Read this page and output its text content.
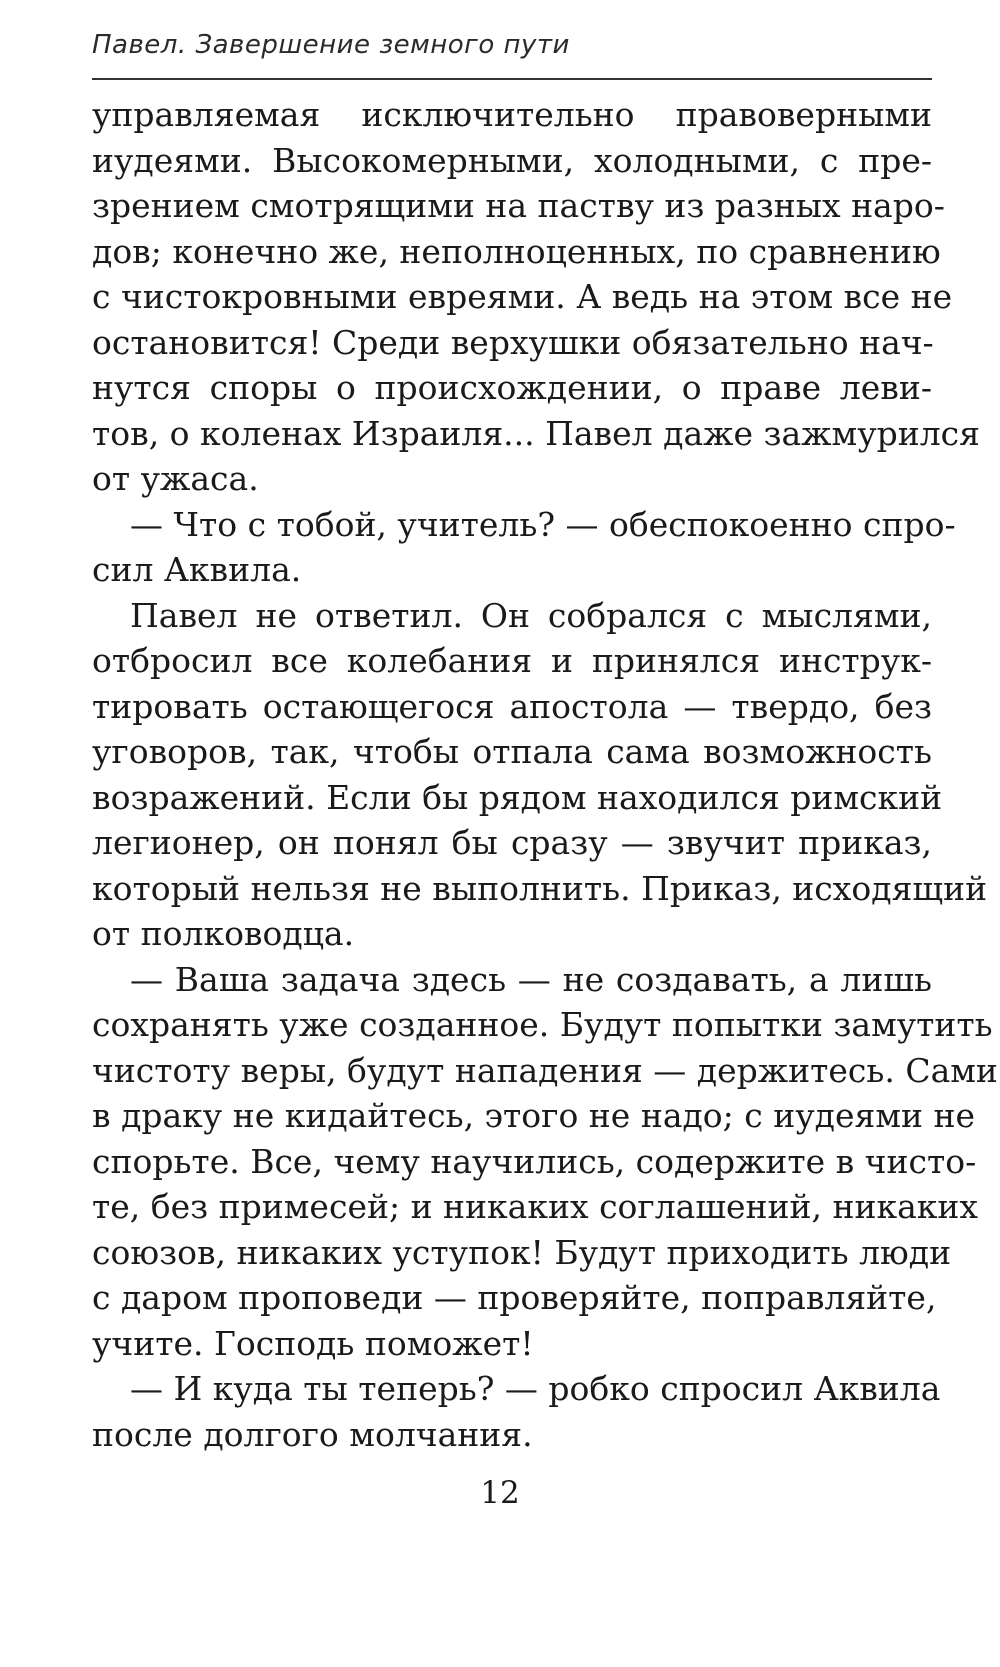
Павел. Завершение земного пути
управляемая исключительно правоверными
иудеями. Высокомерными, холодными, с пре-
зрением смотрящими на паству из разных наро-
дов; конечно же, неполноценных, по сравнению
с чистокровными евреями. А ведь на этом все не
остановится! Среди верхушки обязательно нач-
нутся споры о происхождении, о праве леви-
тов, о коленах Израиля... Павел даже зажмурился
от ужаса.
— Что с тобой, учитель? — обеспокоенно спро-
сил Аквила.
Павел не ответил. Он собрался с мыслями,
отбросил все колебания и принялся инструк-
тировать остающегося апостола — твердо, без
уговоров, так, чтобы отпала сама возможность
возражений. Если бы рядом находился римский
легионер, он понял бы сразу — звучит приказ,
который нельзя не выполнить. Приказ, исходящий
от полководца.
— Ваша задача здесь — не создавать, а лишь
сохранять уже созданное. Будут попытки замутить
чистоту веры, будут нападения — держитесь. Сами
в драку не кидайтесь, этого не надо; с иудеями не
спорьте. Все, чему научились, содержите в чисто-
те, без примесей; и никаких соглашений, никаких
союзов, никаких уступок! Будут приходить люди
с даром проповеди — проверяйте, поправляйте,
учите. Господь поможет!
— И куда ты теперь? — робко спросил Аквила
после долгого молчания.
12
